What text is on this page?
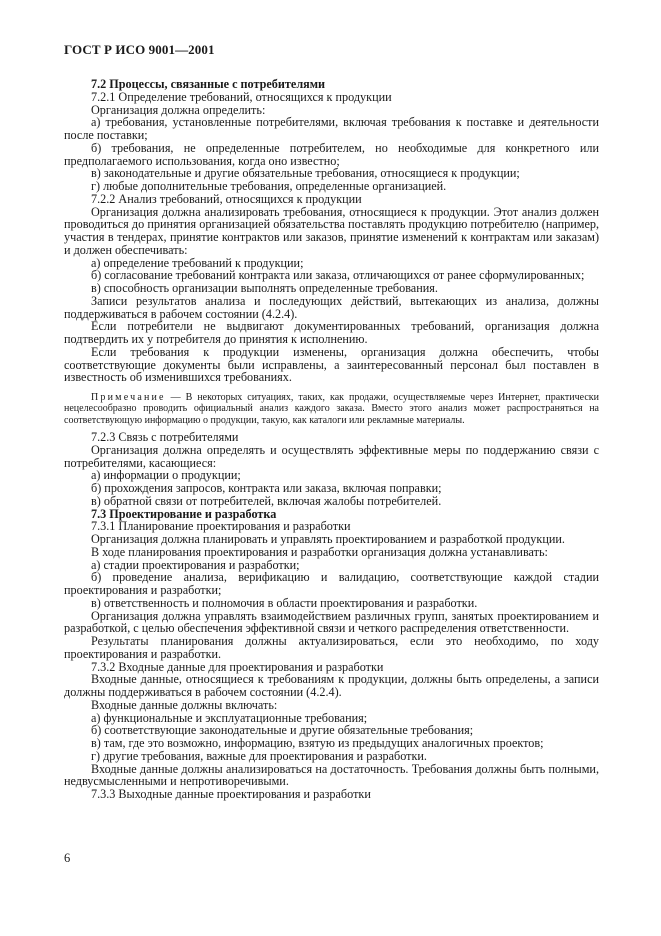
ГОСТ Р ИСО 9001—2001

7.2 Процессы, связанные с потребителями

7.2.1 Определение требований, относящихся к продукции

Организация должна определить:

а) требования, установленные потребителями, включая требования к поставке и деятельности после поставки;

б) требования, не определенные потребителем, но необходимые для конкретного или предполагаемого использования, когда оно известно;

в) законодательные и другие обязательные требования, относящиеся к продукции;

г) любые дополнительные требования, определенные организацией.

7.2.2 Анализ требований, относящихся к продукции

Организация должна анализировать требования, относящиеся к продукции. Этот анализ должен проводиться до принятия организацией обязательства поставлять продукцию потребителю (например, участия в тендерах, принятие контрактов или заказов, принятие изменений к контрактам или заказам) и должен обеспечивать:

а) определение требований к продукции;

б) согласование требований контракта или заказа, отличающихся от ранее сформулированных;

в) способность организации выполнять определенные требования.

Записи результатов анализа и последующих действий, вытекающих из анализа, должны поддерживаться в рабочем состоянии (4.2.4).

Если потребители не выдвигают документированных требований, организация должна подтвердить их у потребителя до принятия к исполнению.

Если требования к продукции изменены, организация должна обеспечить, чтобы соответствующие документы были исправлены, а заинтересованный персонал был поставлен в известность об изменившихся требованиях.

Примечание — В некоторых ситуациях, таких, как продажи, осуществляемые через Интернет, практически нецелесообразно проводить официальный анализ каждого заказа. Вместо этого анализ может распространяться на соответствующую информацию о продукции, такую, как каталоги или рекламные материалы.

7.2.3 Связь с потребителями

Организация должна определять и осуществлять эффективные меры по поддержанию связи с потребителями, касающиеся:

а) информации о продукции;

б) прохождения запросов, контракта или заказа, включая поправки;

в) обратной связи от потребителей, включая жалобы потребителей.

7.3 Проектирование и разработка

7.3.1 Планирование проектирования и разработки

Организация должна планировать и управлять проектированием и разработкой продукции.

В ходе планирования проектирования и разработки организация должна устанавливать:

а) стадии проектирования и разработки;

б) проведение анализа, верификацию и валидацию, соответствующие каждой стадии проектирования и разработки;

в) ответственность и полномочия в области проектирования и разработки.

Организация должна управлять взаимодействием различных групп, занятых проектированием и разработкой, с целью обеспечения эффективной связи и четкого распределения ответственности.

Результаты планирования должны актуализироваться, если это необходимо, по ходу проектирования и разработки.

7.3.2 Входные данные для проектирования и разработки

Входные данные, относящиеся к требованиям к продукции, должны быть определены, а записи должны поддерживаться в рабочем состоянии (4.2.4).

Входные данные должны включать:

а) функциональные и эксплуатационные требования;

б) соответствующие законодательные и другие обязательные требования;

в) там, где это возможно, информацию, взятую из предыдущих аналогичных проектов;

г) другие требования, важные для проектирования и разработки.

Входные данные должны анализироваться на достаточность. Требования должны быть полными, недвусмысленными и непротиворечивыми.

7.3.3 Выходные данные проектирования и разработки

6
